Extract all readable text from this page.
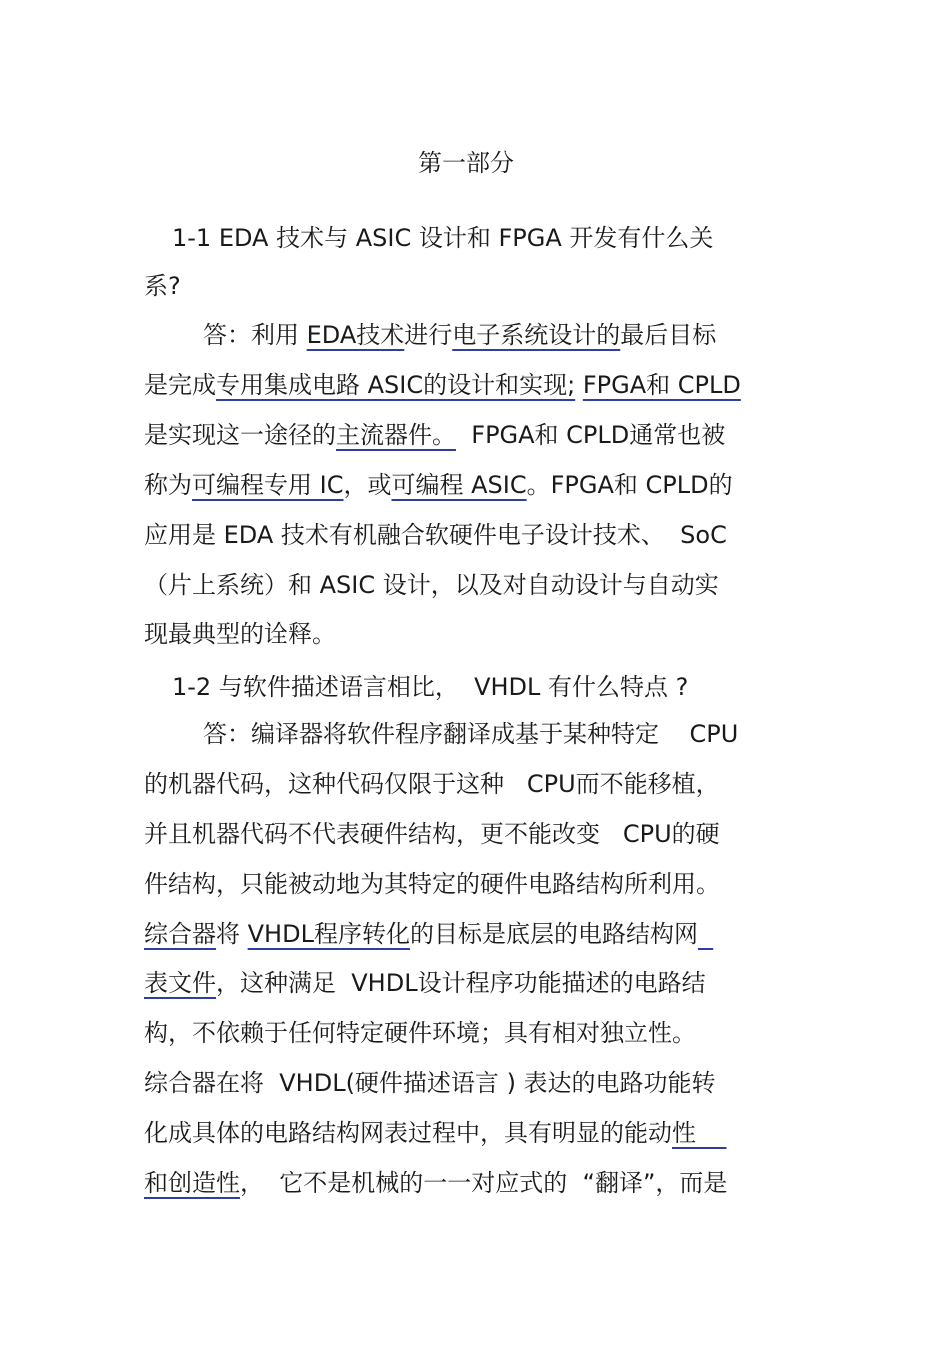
第一部分

1-1 EDA 技术与 ASIC 设计和 FPGA 开发有什么关

系?

答：利用 EDA技术进行电子系统设计的最后目标

是完成专用集成电路 ASIC的设计和实现; FPGA和 CPLD

是实现这一途径的主流器件。  FPGA和 CPLD通常也被

称为可编程专用 IC，或可编程 ASIC。FPGA和 CPLD的

应用是 EDA 技术有机融合软硬件电子设计技术、  SoC

（片上系统）和 ASIC 设计，以及对自动设计与自动实

现最典型的诠释。

1-2 与软件描述语言相比，  VHDL 有什么特点 ?

答：编译器将软件程序翻译成基于某种特定    CPU

的机器代码，这种代码仅限于这种   CPU而不能移植，

并且机器代码不代表硬件结构，更不能改变   CPU的硬

件结构，只能被动地为其特定的硬件电路结构所利用。

综合器将 VHDL程序转化的目标是底层的电路结构网

表文件，这种满足  VHDL设计程序功能描述的电路结

构，不依赖于任何特定硬件环境；具有相对独立性。

综合器在将  VHDL(硬件描述语言 ) 表达的电路功能转

化成具体的电路结构网表过程中，具有明显的能动性

和创造性，  它不是机械的一一对应式的  “翻译”，而是
